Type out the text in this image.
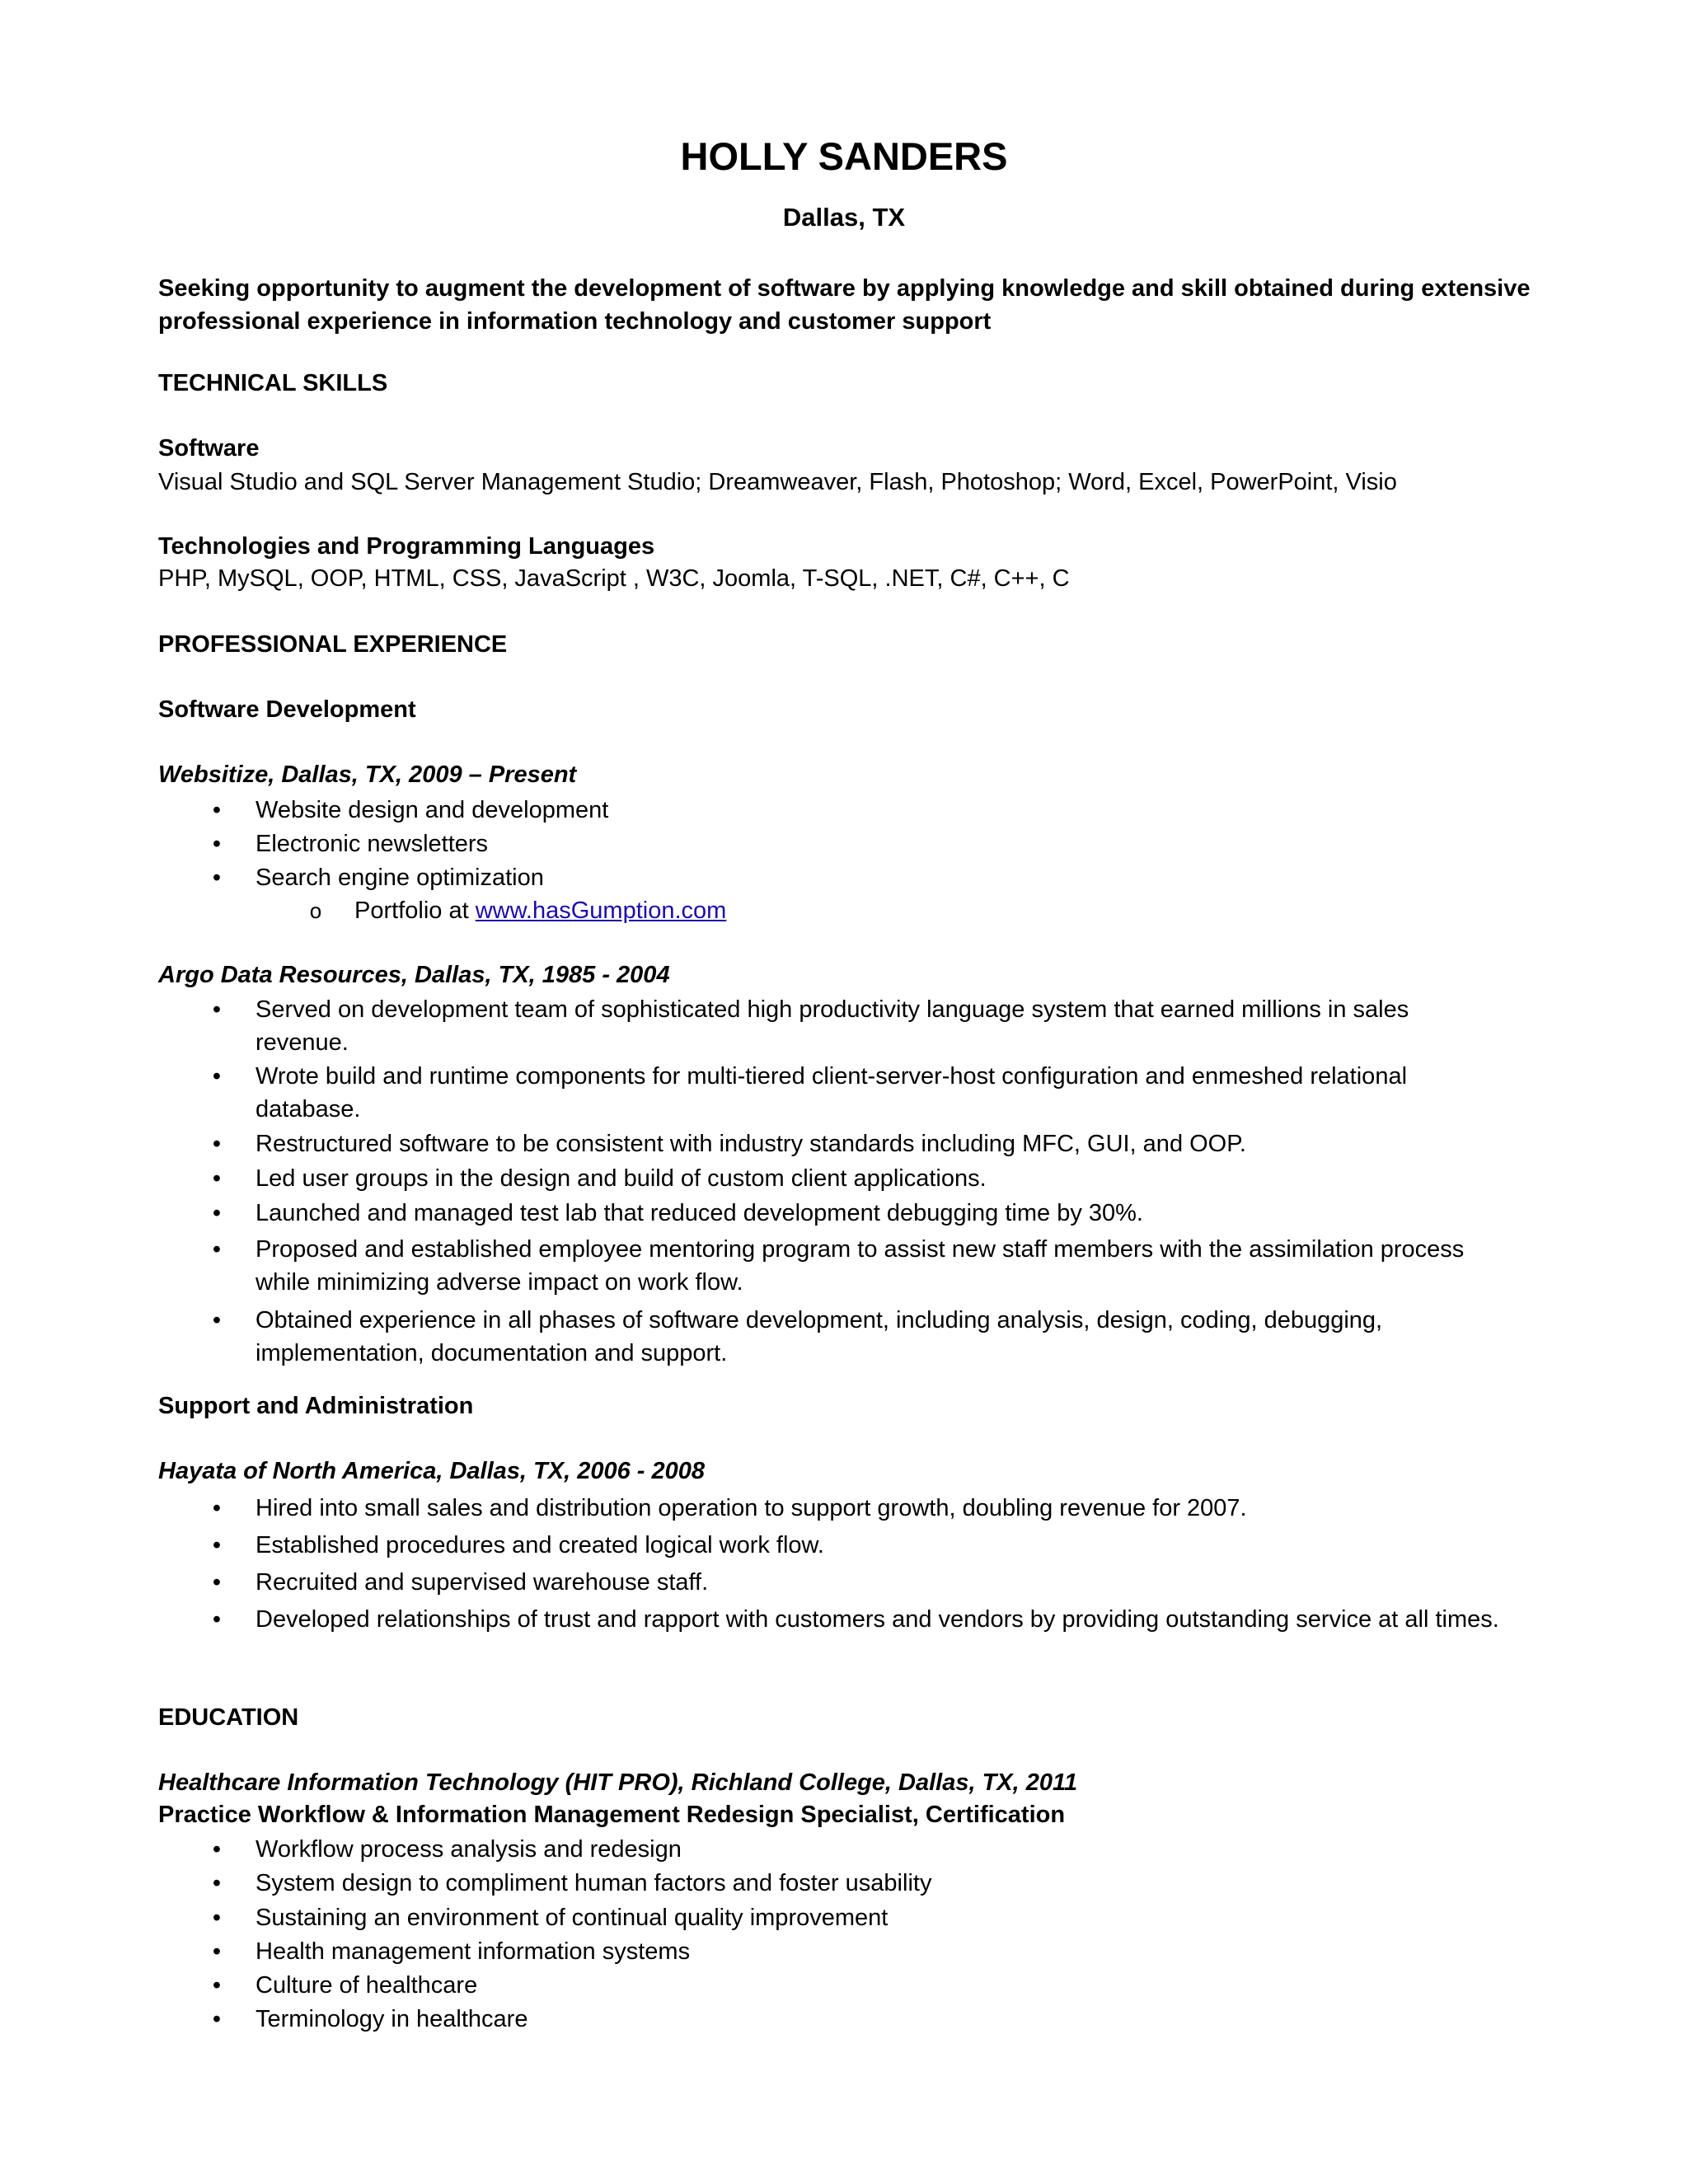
HOLLY SANDERS
Dallas, TX
Seeking opportunity to augment the development of software by applying knowledge and skill obtained during extensive professional experience in information technology and customer support
TECHNICAL SKILLS
Software
Visual Studio and SQL Server Management Studio; Dreamweaver, Flash, Photoshop; Word, Excel, PowerPoint, Visio
Technologies and Programming Languages
PHP, MySQL, OOP, HTML, CSS, JavaScript , W3C, Joomla, T-SQL, .NET, C#, C++, C
PROFESSIONAL EXPERIENCE
Software Development
Websitize, Dallas, TX, 2009 – Present
•	Website design and development
•	Electronic newsletters
•	Search engine optimization
o Portfolio at www.hasGumption.com
Argo Data Resources, Dallas, TX, 1985 - 2004
•	Served on development team of sophisticated high productivity language system that earned millions in sales revenue.
•	Wrote build and runtime components for multi-tiered client-server-host configuration and enmeshed relational database.
•	Restructured software to be consistent with industry standards including MFC, GUI, and OOP.
•	Led user groups in the design and build of custom client applications.
•	Launched and managed test lab that reduced development debugging time by 30%.
•	Proposed and established employee mentoring program to assist new staff members with the assimilation process while minimizing adverse impact on work flow.
•	Obtained experience in all phases of software development, including analysis, design, coding, debugging, implementation, documentation and support.
Support and Administration
Hayata of North America, Dallas, TX, 2006 - 2008
•	Hired into small sales and distribution operation to support growth, doubling revenue for 2007.
•	Established procedures and created logical work flow.
•	Recruited and supervised warehouse staff.
•	Developed relationships of trust and rapport with customers and vendors by providing outstanding service at all times.
EDUCATION
Healthcare Information Technology (HIT PRO), Richland College, Dallas, TX, 2011
Practice Workflow & Information Management Redesign Specialist, Certification
•	Workflow process analysis and redesign
•	System design to compliment human factors and foster usability
•	Sustaining an environment of continual quality improvement
•	Health management information systems
•	Culture of healthcare
•	Terminology in healthcare
